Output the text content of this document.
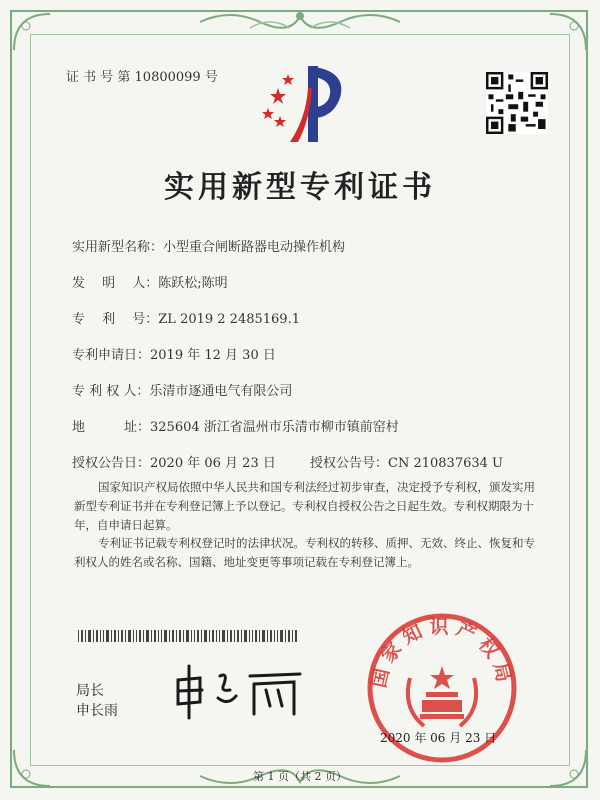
证 书 号 第 10800099 号
实用新型专利证书
实用新型名称：小型重合闸断路器电动操作机构
发　 明　 人：陈跃松;陈明
专　 利　 号：ZL 2019 2 2485169.1
专利申请日：2019 年 12 月 30 日
专 利 权 人：乐清市逐通电气有限公司
地　　　址：325604 浙江省温州市乐清市柳市镇前窑村
授权公告日：2020 年 06 月 23 日	授权公告号：CN 210837634 U
国家知识产权局依照中华人民共和国专利法经过初步审查，决定授予专利权，颁发实用新型专利证书并在专利登记簿上予以登记。专利权自授权公告之日起生效。专利权期限为十年，自申请日起算。
专利证书记载专利权登记时的法律状况。专利权的转移、质押、无效、终止、恢复和专利权人的姓名或名称、国籍、地址变更等事项记载在专利登记簿上。
局长
申长雨
国家知识产权局
2020 年 06 月 23 日
第 1 页（共 2 页）
